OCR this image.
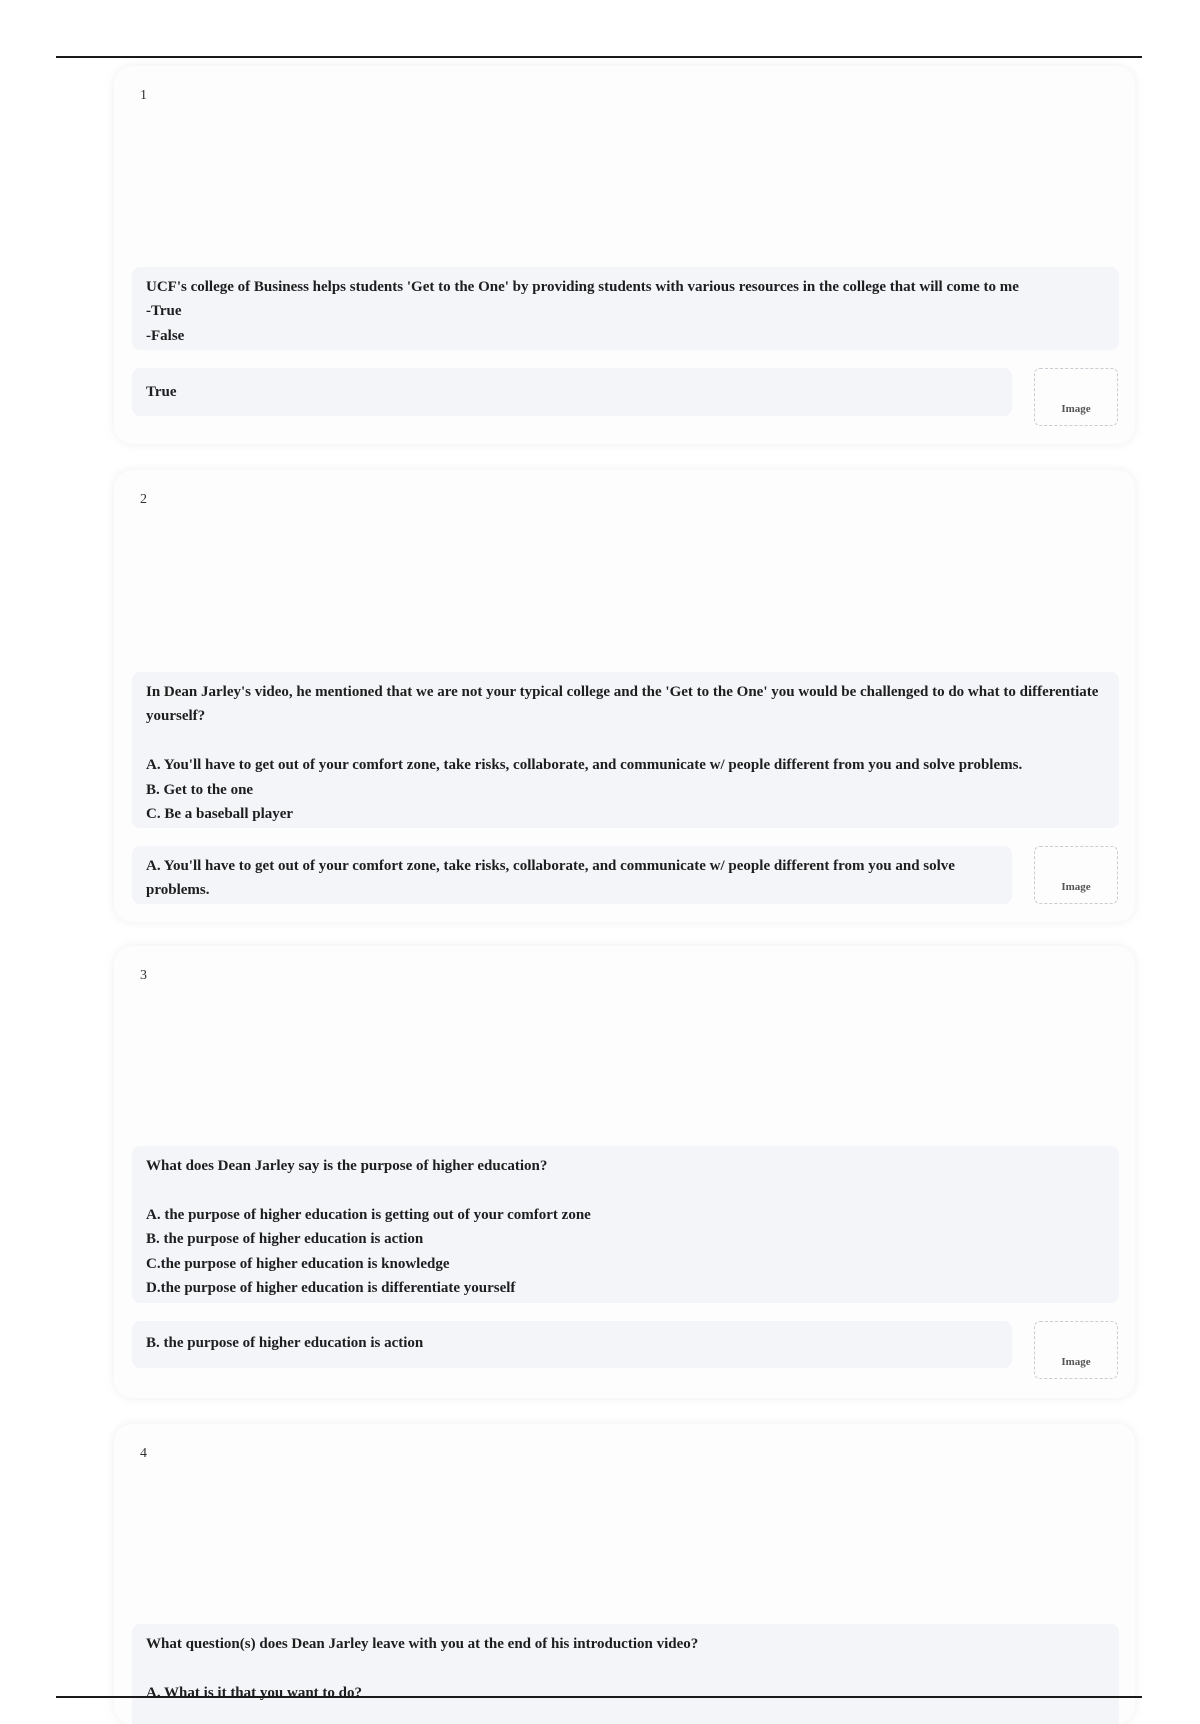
1
UCF's college of Business helps students 'Get to the One' by providing students with various resources in the college that will come to me
-True
-False
True
Image
2
In Dean Jarley's video, he mentioned that we are not your typical college and the 'Get to the One' you would be challenged to do what to differentiate yourself?

A. You'll have to get out of your comfort zone, take risks, collaborate, and communicate w/ people different from you and solve problems.
B. Get to the one
C. Be a baseball player
A. You'll have to get out of your comfort zone, take risks, collaborate, and communicate w/ people different from you and solve problems.	Image
3
What does Dean Jarley say is the purpose of higher education?

A. the purpose of higher education is getting out of your comfort zone
B. the purpose of higher education is action
C.the purpose of higher education is knowledge
D.the purpose of higher education is differentiate yourself
B. the purpose of higher education is action
Image
4
What question(s) does Dean Jarley leave with you at the end of his introduction video?

A. What is it that you want to do?
